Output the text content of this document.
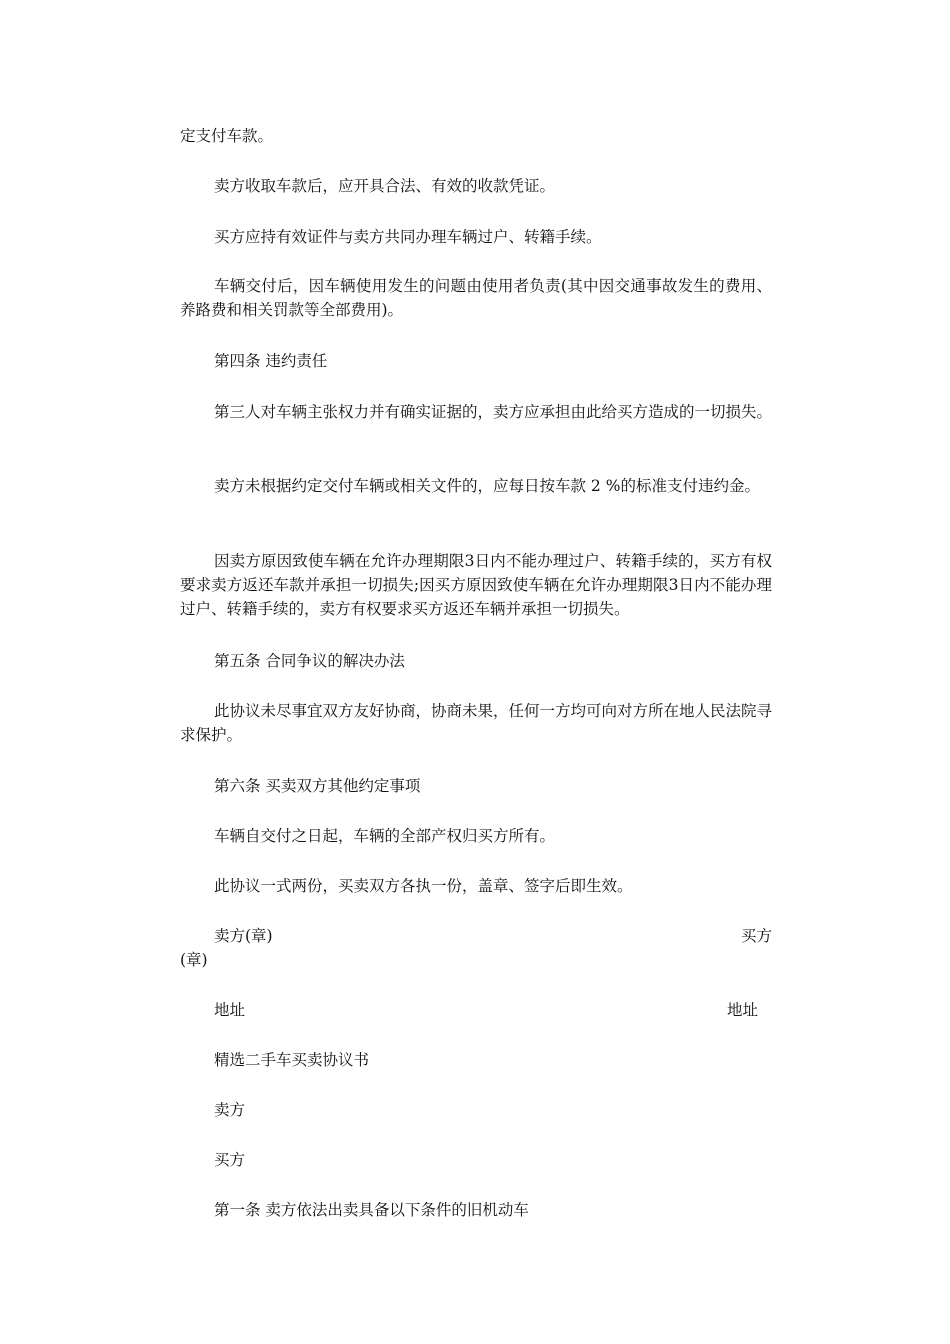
定支付车款。

卖方收取车款后，应开具合法、有效的收款凭证。

买方应持有效证件与卖方共同办理车辆过户、转籍手续。

车辆交付后，因车辆使用发生的问题由使用者负责(其中因交通事故发生的费用、养路费和相关罚款等全部费用)。

第四条 违约责任

第三人对车辆主张权力并有确实证据的，卖方应承担由此给买方造成的一切损失。

卖方未根据约定交付车辆或相关文件的，应每日按车款 2 %的标准支付违约金。

因卖方原因致使车辆在允许办理期限3日内不能办理过户、转籍手续的，买方有权要求卖方返还车款并承担一切损失;因买方原因致使车辆在允许办理期限3日内不能办理过户、转籍手续的，卖方有权要求买方返还车辆并承担一切损失。

第五条 合同争议的解决办法

此协议未尽事宜双方友好协商，协商未果，任何一方均可向对方所在地人民法院寻求保护。

第六条 买卖双方其他约定事项

车辆自交付之日起，车辆的全部产权归买方所有。

此协议一式两份，买卖双方各执一份，盖章、签字后即生效。

卖方(章)	买方

(章)

地址	地址

精选二手车买卖协议书

卖方

买方

第一条 卖方依法出卖具备以下条件的旧机动车
